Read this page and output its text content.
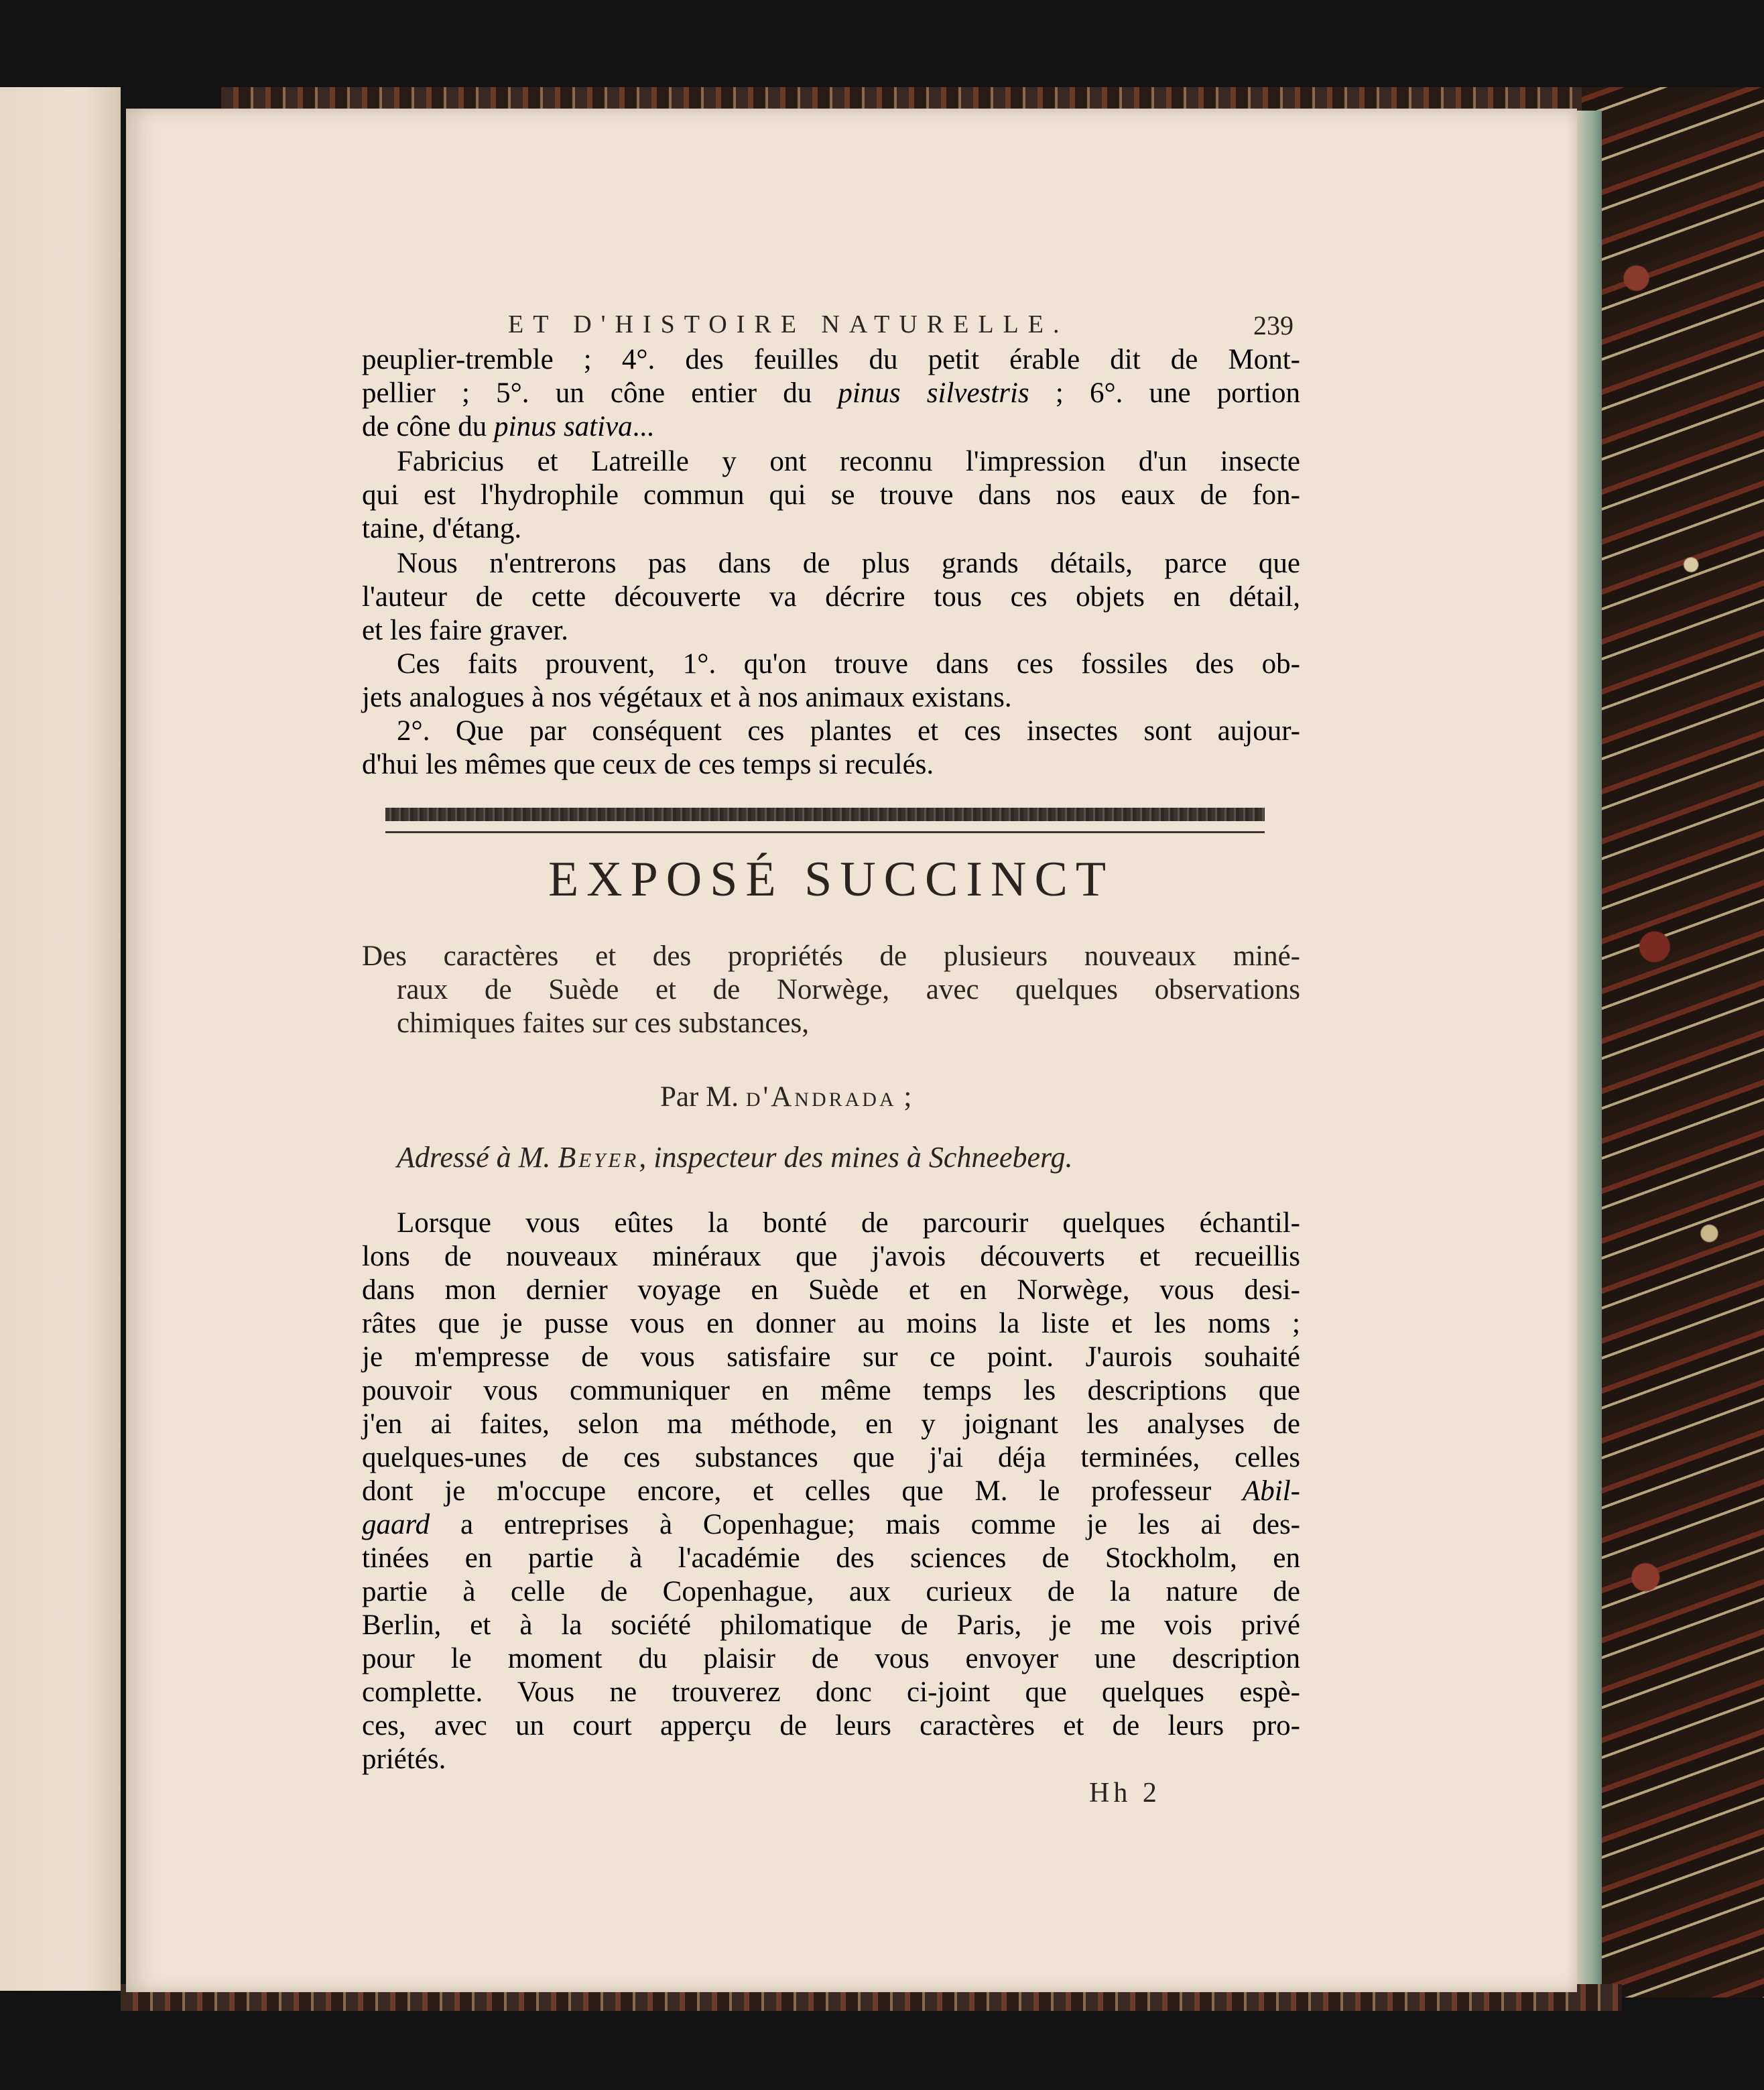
ET D'HISTOIRE NATURELLE.	239
peuplier-tremble ; 4°. des feuilles du petit érable dit de Mont-
pellier ; 5°. un cône entier du pinus silvestris ; 6°. une portion
de cône du pinus sativa...
Fabricius et Latreille y ont reconnu l'impression d'un insecte
qui est l'hydrophile commun qui se trouve dans nos eaux de fon-
taine, d'étang.
Nous n'entrerons pas dans de plus grands détails, parce que
l'auteur de cette découverte va décrire tous ces objets en détail,
et les faire graver.
Ces faits prouvent, 1°. qu'on trouve dans ces fossiles des ob-
jets analogues à nos végétaux et à nos animaux existans.
2°. Que par conséquent ces plantes et ces insectes sont aujour-
d'hui les mêmes que ceux de ces temps si reculés.
EXPOSÉ SUCCINCT
Des caractères et des propriétés de plusieurs nouveaux miné-
raux de Suède et de Norwège, avec quelques observations
chimiques faites sur ces substances,
Par M. d'Andrada ;
Adressé à M. Beyer, inspecteur des mines à Schneeberg.
Lorsque vous eûtes la bonté de parcourir quelques échantil-
lons de nouveaux minéraux que j'avois découverts et recueillis
dans mon dernier voyage en Suède et en Norwège, vous desi-
râtes que je pusse vous en donner au moins la liste et les noms ;
je m'empresse de vous satisfaire sur ce point. J'aurois souhaité
pouvoir vous communiquer en même temps les descriptions que
j'en ai faites, selon ma méthode, en y joignant les analyses de
quelques-unes de ces substances que j'ai déja terminées, celles
dont je m'occupe encore, et celles que M. le professeur Abil-
gaard a entreprises à Copenhague; mais comme je les ai des-
tinées en partie à l'académie des sciences de Stockholm, en
partie à celle de Copenhague, aux curieux de la nature de
Berlin, et à la société philomatique de Paris, je me vois privé
pour le moment du plaisir de vous envoyer une description
complette. Vous ne trouverez donc ci-joint que quelques espè-
ces, avec un court apperçu de leurs caractères et de leurs pro-
priétés.
Hh 2
